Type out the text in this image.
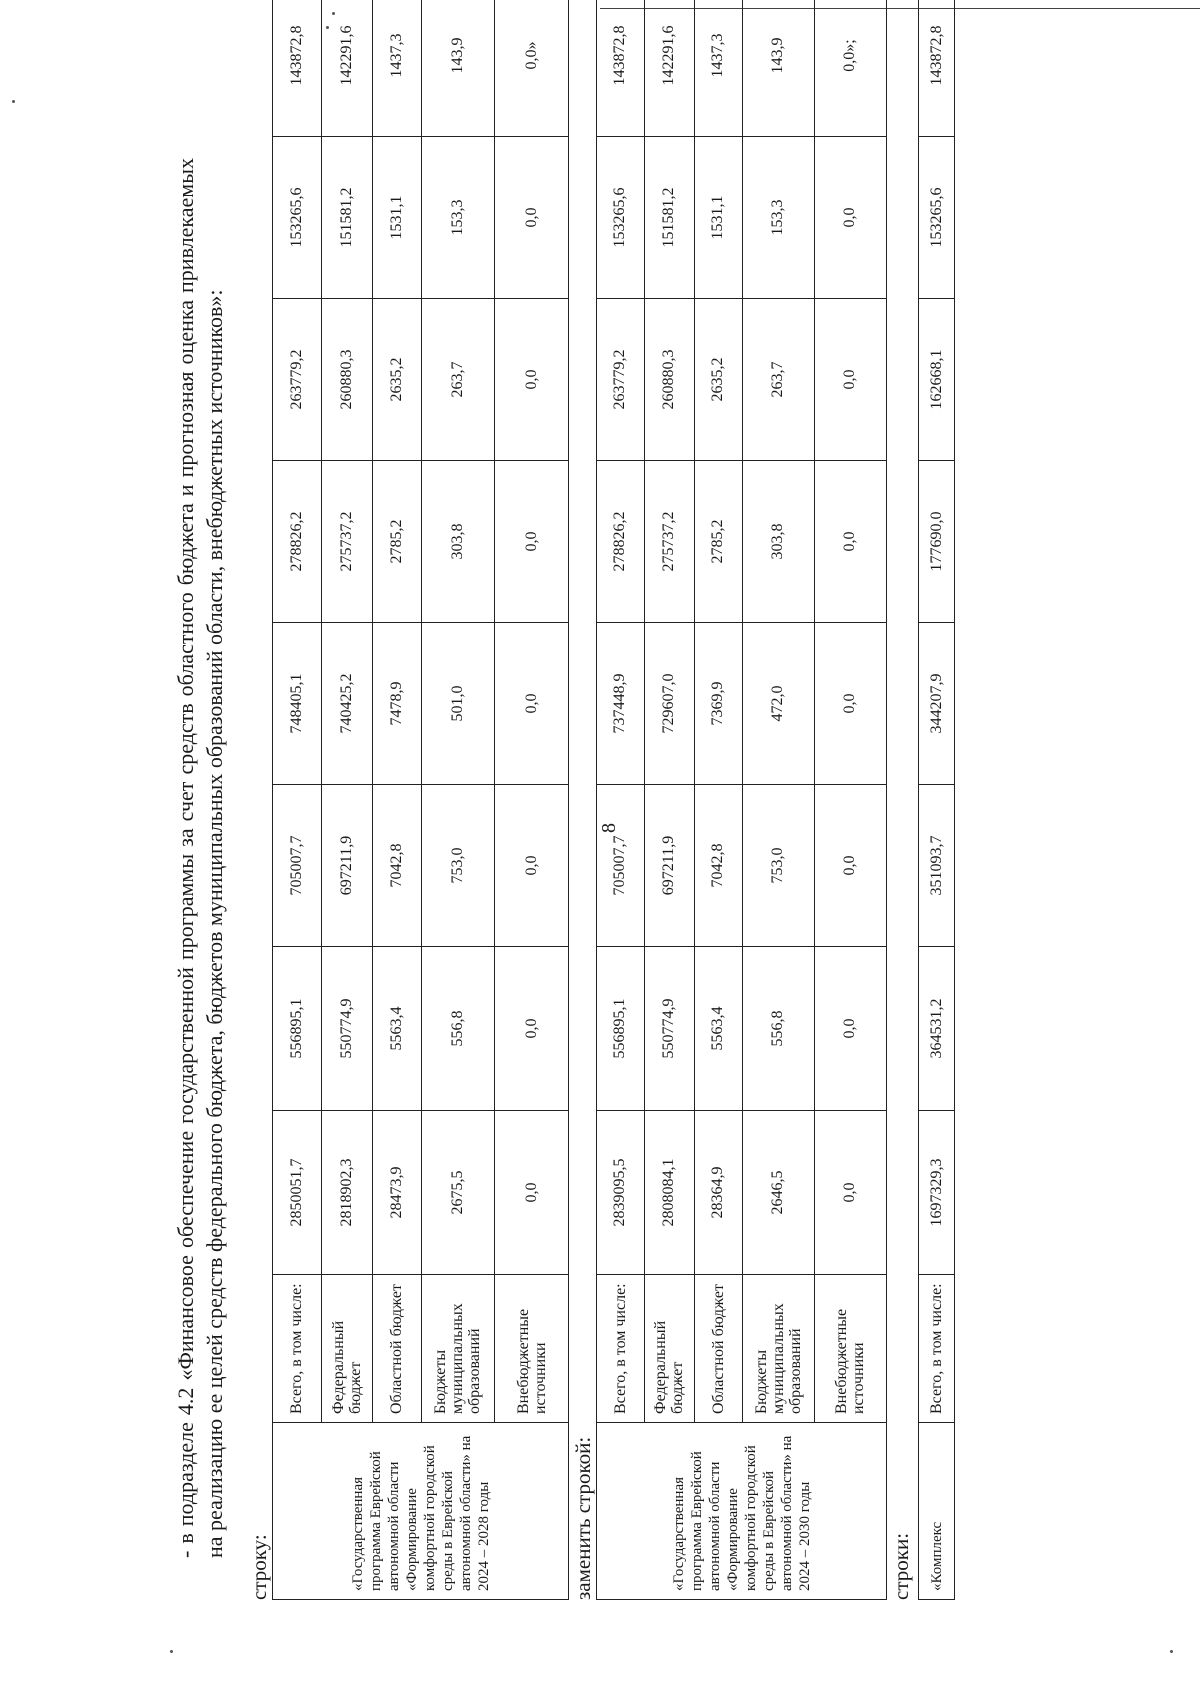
8
- в подразделе 4.2 «Финансовое обеспечение государственной программы за счет средств областного бюджета и прогнозная оценка привлекаемых на реализацию ее целей средств федерального бюджета, бюджетов муниципальных образований области, внебюджетных источников»:
строку:	«Государственная программа Еврейской автономной области «Формирование комфортной городской среды в Еврейской автономной области» на 2024 – 2028 годы	Всего, в том числе:	2850051,7	556895,1	705007,7	748405,1	278826,2	263779,2	153265,6	143872,8
	Федеральный бюджет	2818902,3	550774,9	697211,9	740425,2	275737,2	260880,3	151581,2	142291,6
	Областной бюджет	28473,9	5563,4	7042,8	7478,9	2785,2	2635,2	1531,1	1437,3
	Бюджеты муниципальных образований	2675,5	556,8	753,0	501,0	303,8	263,7	153,3	143,9
	Внебюджетные источники	0,0	0,0	0,0	0,0	0,0	0,0	0,0	0,0»
заменить строкой:	«Государственная программа Еврейской автономной области «Формирование комфортной городской среды в Еврейской автономной области» на 2024 – 2030 годы	Всего, в том числе:	2839095,5	556895,1	705007,7	737448,9	278826,2	263779,2	153265,6	143872,8
	Федеральный бюджет	2808084,1	550774,9	697211,9	729607,0	275737,2	260880,3	151581,2	142291,6
	Областной бюджет	28364,9	5563,4	7042,8	7369,9	2785,2	2635,2	1531,1	1437,3
	Бюджеты муниципальных образований	2646,5	556,8	753,0	472,0	303,8	263,7	153,3	143,9
	Внебюджетные источники	0,0	0,0	0,0	0,0	0,0	0,0	0,0	0,0»;
строки: «Комплекс	Всего, в том числе:	1697329,3	364531,2	351093,7	344207,9	177690,0	162668,1	153265,6	143872,8
